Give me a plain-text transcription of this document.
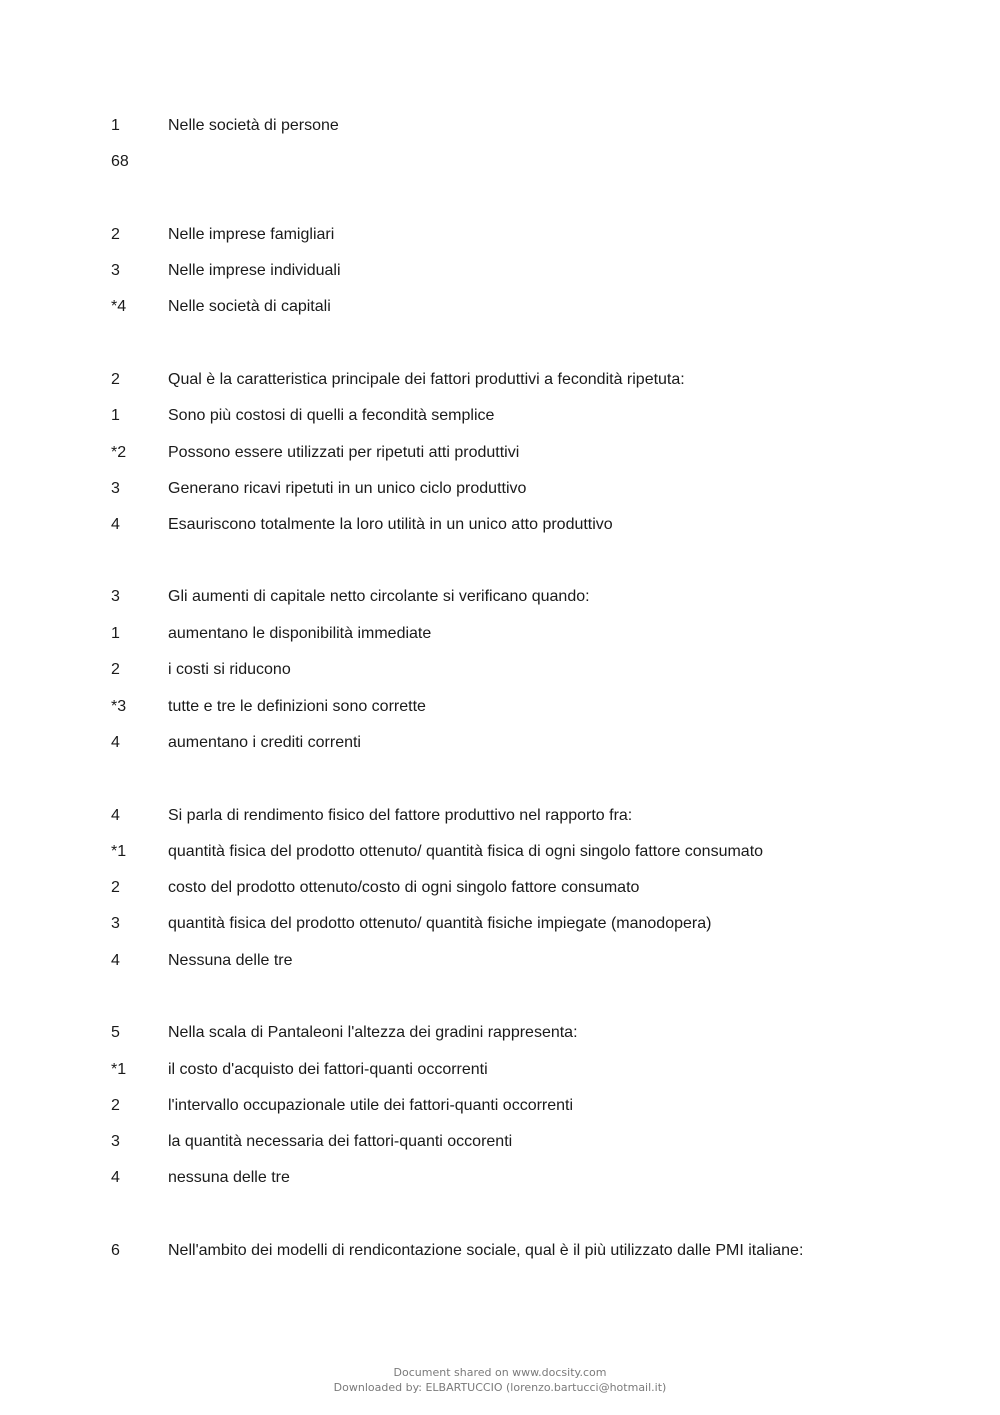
1	Nelle società di persone
68
2	Nelle imprese famigliari
3	Nelle imprese individuali
*4	Nelle società di capitali
2	Qual è la caratteristica principale dei fattori produttivi a fecondità ripetuta:
1	Sono più costosi di quelli a fecondità semplice
*2	Possono essere utilizzati per ripetuti atti produttivi
3	Generano ricavi ripetuti in un unico ciclo produttivo
4	Esauriscono totalmente la loro utilità in un unico atto produttivo
3	Gli aumenti di capitale netto circolante si verificano quando:
1	aumentano le disponibilità immediate
2	i costi si riducono
*3	tutte e tre le definizioni sono corrette
4	aumentano i crediti correnti
4	Si parla di rendimento fisico del fattore produttivo nel rapporto fra:
*1	quantità fisica del prodotto ottenuto/ quantità fisica di ogni singolo fattore consumato
2	costo del prodotto ottenuto/costo di ogni singolo fattore consumato
3	quantità fisica del prodotto ottenuto/ quantità fisiche impiegate (manodopera)
4	Nessuna delle tre
5	Nella scala di Pantaleoni l'altezza dei gradini rappresenta:
*1	il costo d'acquisto dei fattori-quanti occorrenti
2	l'intervallo occupazionale utile dei fattori-quanti occorrenti
3	la quantità necessaria dei fattori-quanti occorenti
4	nessuna delle tre
6	Nell'ambito dei modelli di rendicontazione sociale, qual è il più utilizzato dalle PMI italiane:
Document shared on www.docsity.com
Downloaded by: ELBARTUCCIO (lorenzo.bartucci@hotmail.it)
